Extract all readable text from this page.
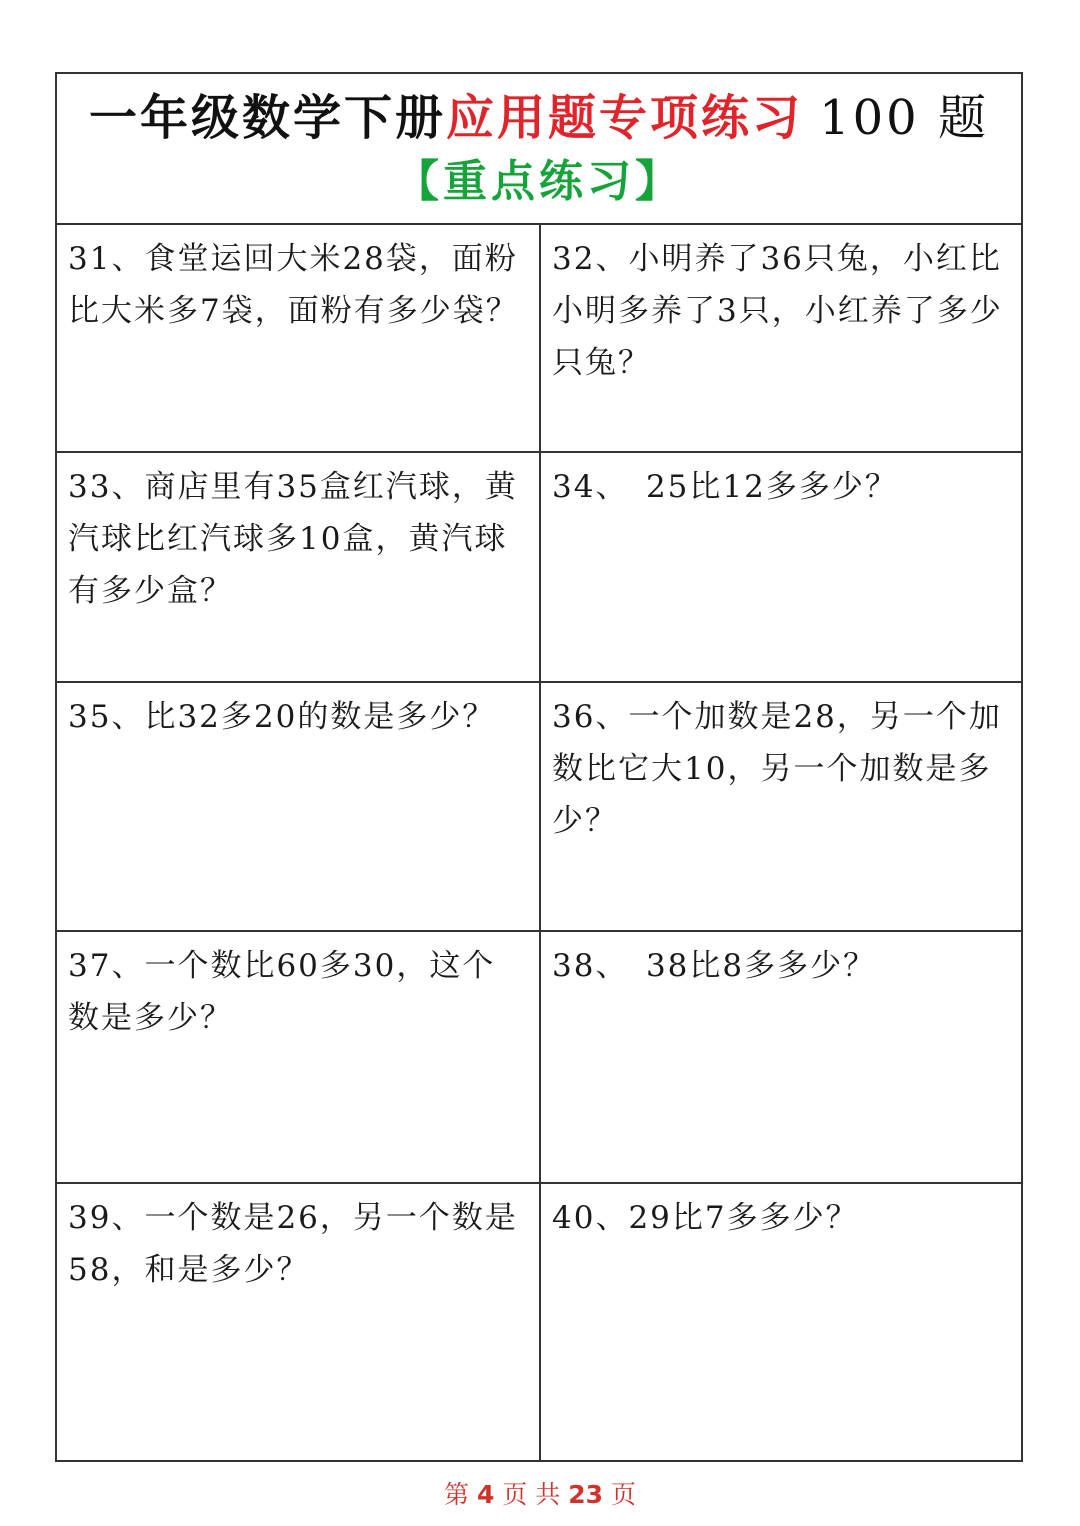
一年级数学下册应用题专项练习 100 题
【重点练习】
31、食堂运回大米28袋，面粉比大米多7袋，面粉有多少袋？
32、小明养了36只兔，小红比小明多养了3只，小红养了多少只兔？
33、商店里有35盒红汽球，黄汽球比红汽球多10盒，黄汽球有多少盒？
34、　25比12多多少？
35、比32多20的数是多少？	36、一个加数是28，另一个加数比它大10，另一个加数是多少？
37、一个数比60多30，这个数是多少？
38、　38比8多多少？
39、一个数是26，另一个数是58，和是多少？
40、29比7多多少？
第 4 页 共 23 页
